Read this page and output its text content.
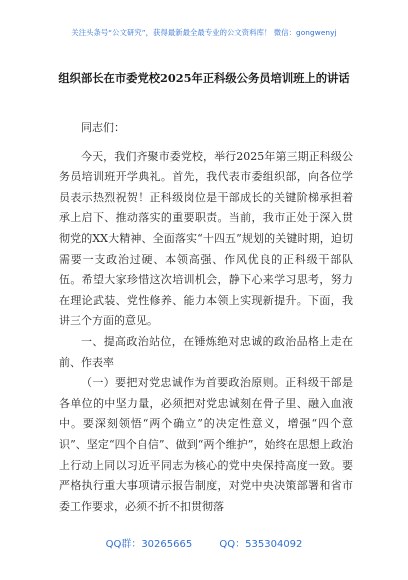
关注头条号“公文研究”，获得最新最全最专业的公文资料库！ 微信：gongwenyj
组织部长在市委党校2025年正科级公务员培训班上的讲话

同志们：

今天，我们齐聚市委党校，举行2025年第三期正科级公务员培训班开学典礼。首先，我代表市委组织部，向各位学员表示热烈祝贺！正科级岗位是干部成长的关键阶梯承担着承上启下、推动落实的重要职责。当前，我市正处于深入贯彻党的XX大精神、全面落实“十四五”规划的关键时期，迫切需要一支政治过硬、本领高强、作风优良的正科级干部队伍。希望大家珍惜这次培训机会，静下心来学习思考，努力在理论武装、党性修养、能力本领上实现新提升。下面，我讲三个方面的意见。

一、提高政治站位，在锤炼绝对忠诚的政治品格上走在前、作表率

（一）要把对党忠诚作为首要政治原则。正科级干部是各单位的中坚力量，必须把对党忠诚刻在骨子里、融入血液中。要深刻领悟“两个确立”的决定性意义，增强“四个意识”、坚定“四个自信”、做到“两个维护”，始终在思想上政治上行动上同以习近平同志为核心的党中央保持高度一致。要严格执行重大事项请示报告制度，对党中央决策部署和省市委工作要求，必须不折不扣贯彻落

QQ群：30265665	QQ：535304092
